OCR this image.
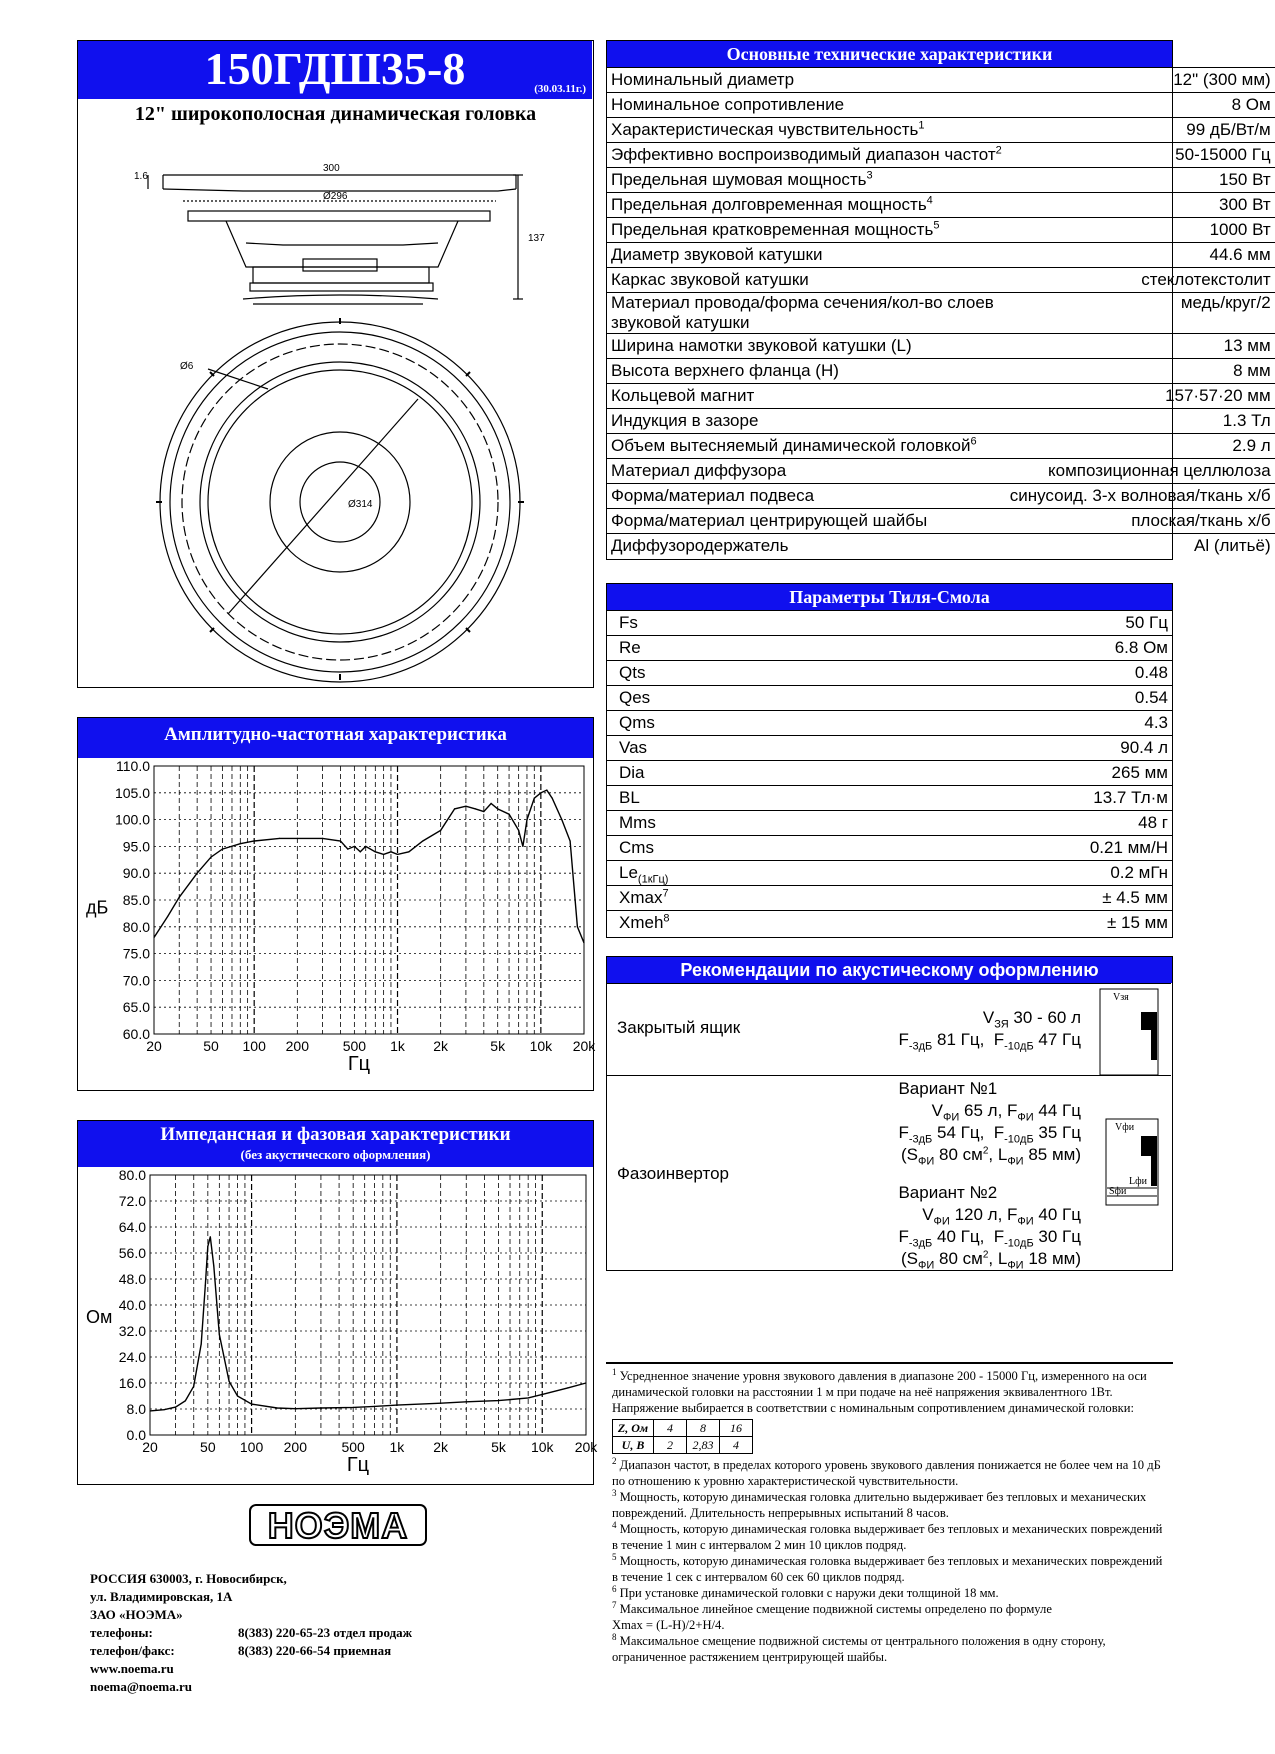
150ГДШ35-8	(30.03.11г.)
12" широкополосная динамическая головка
300
Ø296
137
1.6
Ø6
Ø314
Основные технические характеристики
Номинальный диаметр	12" (300 мм)
Номинальное сопротивление	8 Ом
Характеристическая чувствительность$^1$	99 дБ/Вт/м
Эффективно воспроизводимый диапазон частот$^2$	50-15000 Гц
Предельная шумовая мощность$^3$	150 Вт
Предельная долговременная мощность$^4$	300 Вт
Предельная кратковременная мощность$^5$	1000 Вт
Диаметр звуковой катушки	44.6 мм
Каркас звуковой катушки	стеклотекстолит
Материал провода/форма сечения/кол-во слоев звуковой катушки	медь/круг/2
Ширина намотки звуковой катушки (L)	13 мм
Высота верхнего фланца (H)	8 мм
Кольцевой магнит	157·57·20 мм
Индукция в зазоре	1.3 Тл
Объем вытесняемый динамической головкой$^6$	2.9 л
Материал диффузора	композиционная целлюлоза
Форма/материал подвеса	синусоид. 3-х волновая/ткань х/б
Форма/материал центрирующей шайбы	плоская/ткань х/б
Диффузородержатель	Al (литьё)
Параметры Тиля-Смола
Fs	50 Гц
Re	6.8 Ом
Qts	0.48
Qes	0.54
Qms	4.3
Vas	90.4 л
Dia	265 мм
BL	13.7 Тл·м
Mms	48 г
Cms	0.21 мм/Н
$Le_{(1кГц)}$	0.2 мГн
Xmax$^7$	± 4.5 мм
Xmeh$^8$	± 15 мм
Рекомендации по акустическому оформлению
Закрытый ящик
$V_{ЗЯ}$ 30 - 60 л
$F_{-3дБ}$ 81 Гц,  $F_{-10дБ}$ 47 Гц
Vзя
Фазоинвертор
Вариант №1
$V_{ФИ}$ 65 л, $F_{ФИ}$ 44 Гц
$F_{-3дБ}$ 54 Гц,  $F_{-10дБ}$ 35 Гц
($S_{ФИ}$ 80 $см^2$, $L_{ФИ}$ 85 мм)
Вариант №2
$V_{ФИ}$ 120 л, $F_{ФИ}$ 40 Гц
$F_{-3дБ}$ 40 Гц,  $F_{-10дБ}$ 30 Гц
($S_{ФИ}$ 80 $см^2$, $L_{ФИ}$ 18 мм)
Vфи
Lфи
Sфи
Амплитудно-частотная характеристика
110.0
105.0
100.0
95.0
90.0
85.0
80.0
75.0
70.0
65.0
60.0
20	50 100 200 500 1k 2k	5k 10k 20k
Гц
дБ
Импедансная и фазовая характеристики
(без акустического оформления)
80.0
72.0
64.0
56.0
48.0
40.0
32.0
24.0
16.0
8.0
0.0
20	50 100 200 500 1k 2k	5k 10k 20k
Гц
Ом
НОЭМА
РОССИЯ 630003, г. Новосибирск,
ул. Владимировская, 1А
ЗАО «НОЭМА»
телефоны:	8(383) 220-65-23 отдел продаж
телефон/факс:	8(383) 220-66-54 приемная
www.noema.ru
noema@noema.ru
$^1$ Усредненное значение уровня звукового давления в диапазоне 200 - 15000 Гц, измеренного на оси динамической головки на расстоянии 1 м при подаче на неё напряжения эквивалентного 1Вт. Напряжение выбирается в соответствии с номинальным сопротивлением динамической головки:
Z, Ом	4	8	16
U, В	2	2,83	4
$^2$ Диапазон частот, в пределах которого уровень звукового давления понижается не более чем на 10 дБ по отношению к уровню характеристической чувствительности.
$^3$ Мощность, которую динамическая головка длительно выдерживает без тепловых и механических повреждений. Длительность непрерывных испытаний 8 часов.
$^4$ Мощность, которую динамическая головка выдерживает без тепловых и механических повреждений в течение 1 мин с интервалом 2 мин 10 циклов подряд.
$^5$ Мощность, которую динамическая головка выдерживает без тепловых и механических повреждений в течение 1 сек с интервалом 60 сек 60 циклов подряд.
$^6$ При установке динамической головки с наружи деки толщиной 18 мм.
$^7$ Максимальное линейное смещение подвижной системы определено по формуле
Xmax = (L-H)/2+H/4.
$^8$ Максимальное смещение подвижной системы от центрального положения в одну сторону, ограниченное растяжением центрирующей шайбы.
